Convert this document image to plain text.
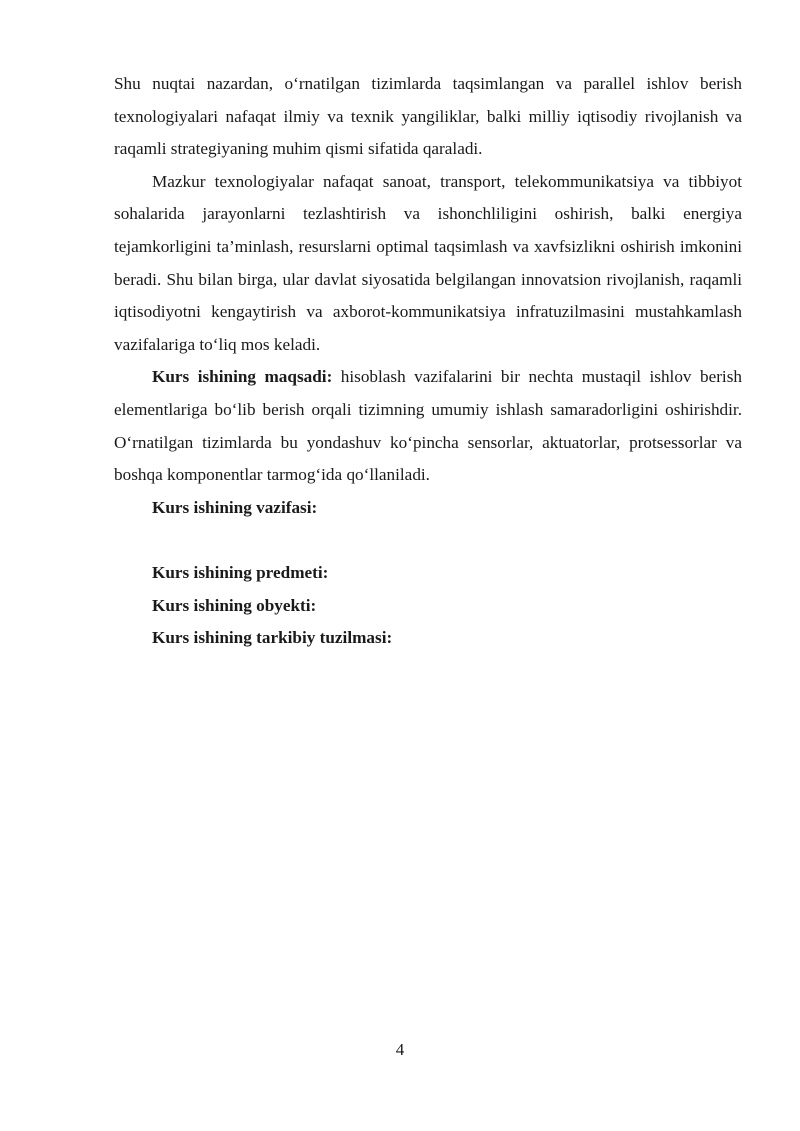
Shu nuqtai nazardan, o‘rnatilgan tizimlarda taqsimlangan va parallel ishlov berish texnologiyalari nafaqat ilmiy va texnik yangiliklar, balki milliy iqtisodiy rivojlanish va raqamli strategiyaning muhim qismi sifatida qaraladi.

Mazkur texnologiyalar nafaqat sanoat, transport, telekommunikatsiya va tibbiyot sohalarida jarayonlarni tezlashtirish va ishonchliligini oshirish, balki energiya tejamkorligini ta’minlash, resurslarni optimal taqsimlash va xavfsizlikni oshirish imkonini beradi. Shu bilan birga, ular davlat siyosatida belgilangan innovatsion rivojlanish, raqamli iqtisodiyotni kengaytirish va axborot-kommunikatsiya infratuzilmasini mustahkamlash vazifalariga to‘liq mos keladi.

Kurs ishining maqsadi: hisoblash vazifalarini bir nechta mustaqil ishlov berish elementlariga bo‘lib berish orqali tizimning umumiy ishlash samaradorligini oshirishdir. O‘rnatilgan tizimlarda bu yondashuv ko‘pincha sensorlar, aktuatorlar, protsessorlar va boshqa komponentlar tarmog‘ida qo‘llaniladi.

Kurs ishining vazifasi:

Kurs ishining predmeti:

Kurs ishining obyekti:

Kurs ishining tarkibiy tuzilmasi:

4
